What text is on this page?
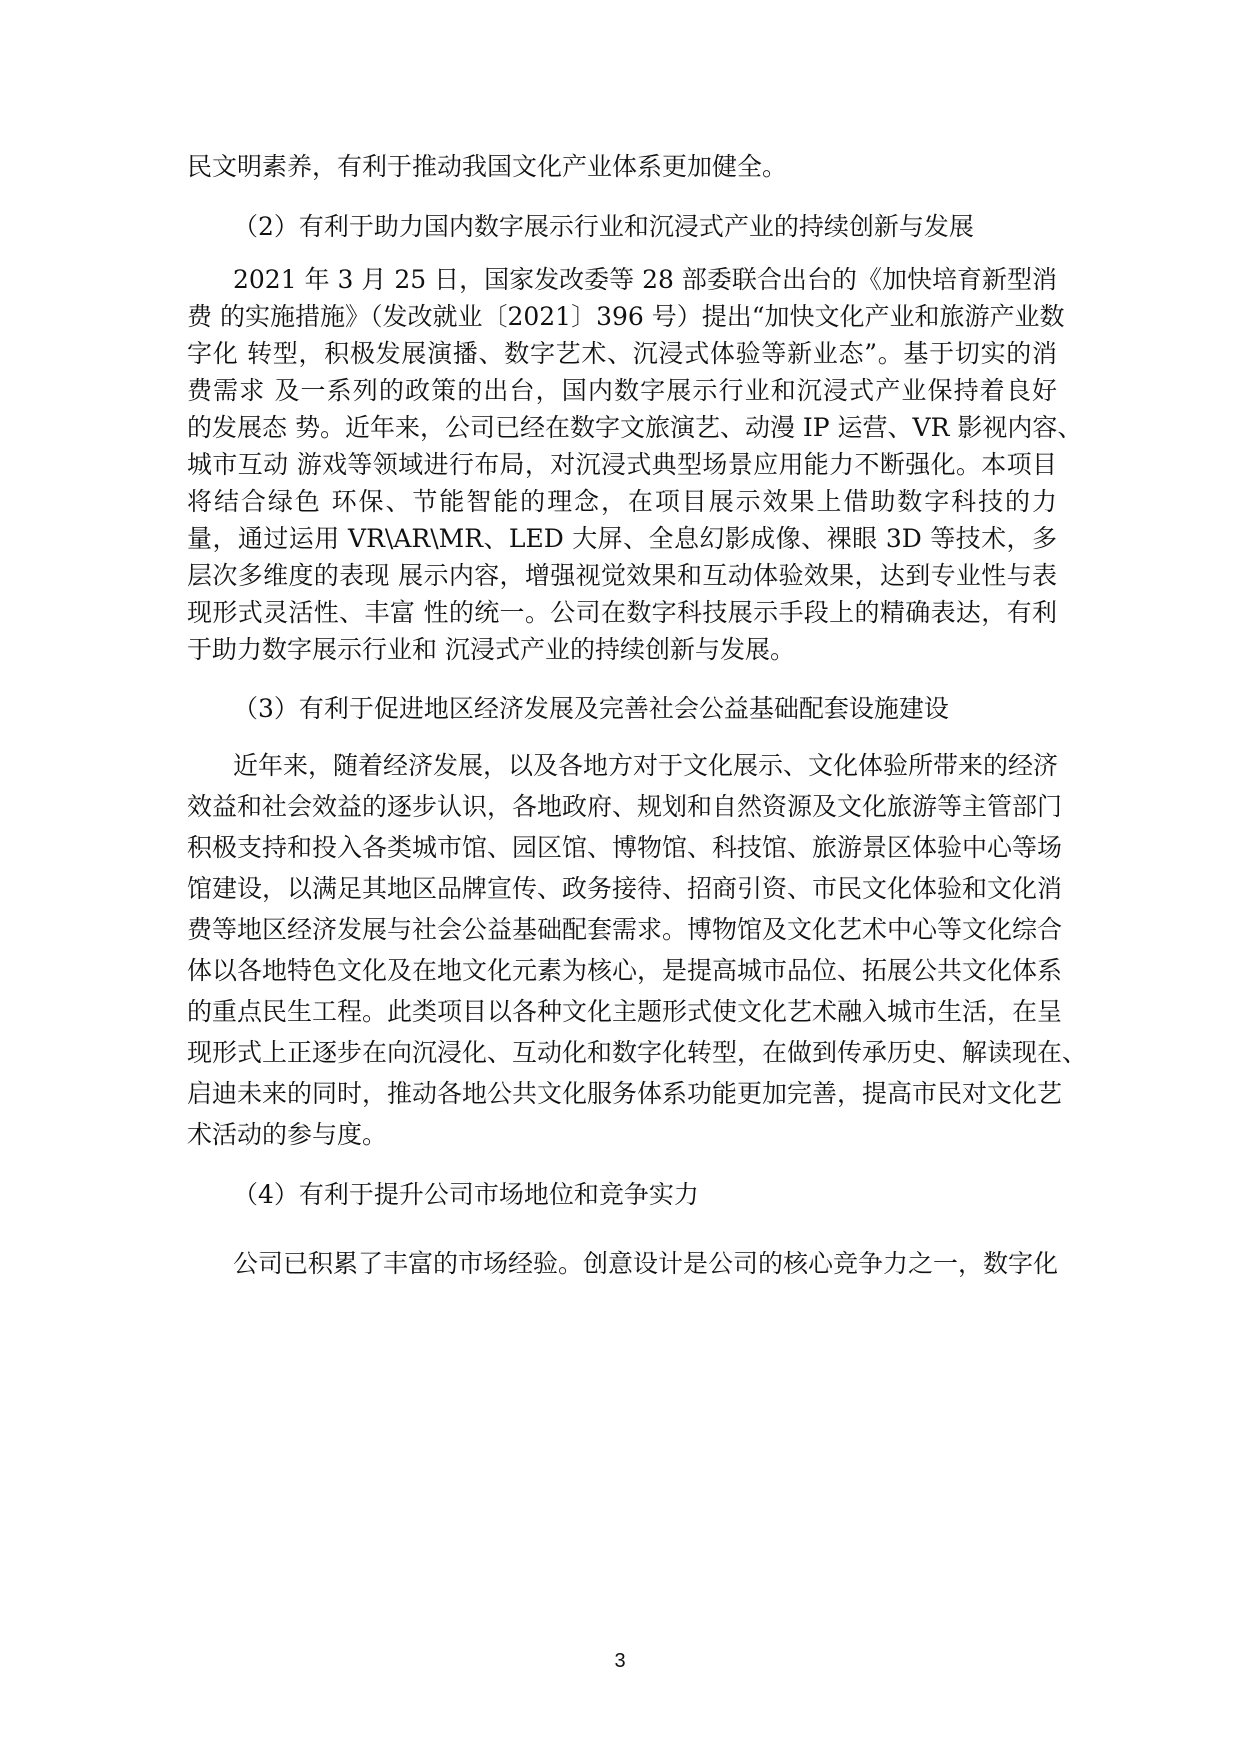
民文明素养，有利于推动我国文化产业体系更加健全。

（2）有利于助力国内数字展示行业和沉浸式产业的持续创新与发展

2021 年 3 月 25 日，国家发改委等 28 部委联合出台的《加快培育新型消

费 的实施措施》（发改就业〔2021〕396 号）提出“加快文化产业和旅游产业数

字化 转型，积极发展演播、数字艺术、沉浸式体验等新业态”。基于切实的消

费需求 及一系列的政策的出台，国内数字展示行业和沉浸式产业保持着良好

的发展态 势。近年来，公司已经在数字文旅演艺、动漫 IP 运营、VR 影视内容、

城市互动 游戏等领域进行布局，对沉浸式典型场景应用能力不断强化。本项目

将结合绿色 环保、节能智能的理念，在项目展示效果上借助数字科技的力

量，通过运用 VR\AR\MR、LED 大屏、全息幻影成像、裸眼 3D 等技术，多

层次多维度的表现 展示内容，增强视觉效果和互动体验效果，达到专业性与表

现形式灵活性、丰富 性的统一。公司在数字科技展示手段上的精确表达，有利

于助力数字展示行业和 沉浸式产业的持续创新与发展。

（3）有利于促进地区经济发展及完善社会公益基础配套设施建设

近年来，随着经济发展，以及各地方对于文化展示、文化体验所带来的经济

效益和社会效益的逐步认识，各地政府、规划和自然资源及文化旅游等主管部门

积极支持和投入各类城市馆、园区馆、博物馆、科技馆、旅游景区体验中心等场

馆建设，以满足其地区品牌宣传、政务接待、招商引资、市民文化体验和文化消

费等地区经济发展与社会公益基础配套需求。博物馆及文化艺术中心等文化综合

体以各地特色文化及在地文化元素为核心，是提高城市品位、拓展公共文化体系

的重点民生工程。此类项目以各种文化主题形式使文化艺术融入城市生活，在呈

现形式上正逐步在向沉浸化、互动化和数字化转型，在做到传承历史、解读现在、

启迪未来的同时，推动各地公共文化服务体系功能更加完善，提高市民对文化艺

术活动的参与度。

（4）有利于提升公司市场地位和竞争实力

公司已积累了丰富的市场经验。创意设计是公司的核心竞争力之一，数字化

3
